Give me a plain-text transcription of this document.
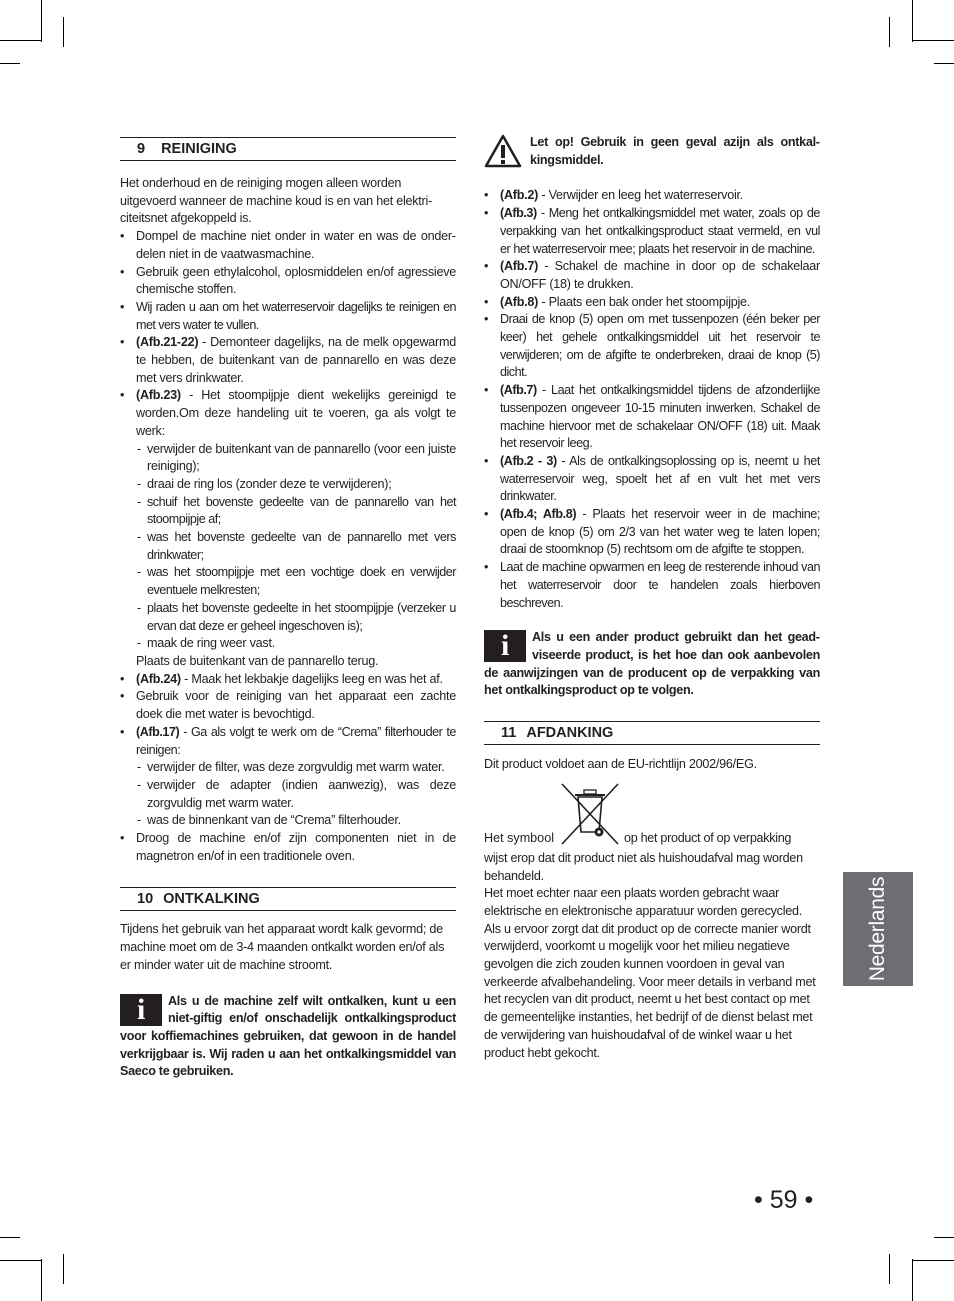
9 REINIGING

Het onderhoud en de reiniging mogen alleen worden uitgevoerd wanneer de machine koud is en van het elektriciteitsnet afgekoppeld is.

• Dompel de machine niet onder in water en was de onderdelen niet in de vaatwasmachine.
• Gebruik geen ethylalcohol, oplosmiddelen en/of agressieve chemische stoffen.
• Wij raden u aan om het waterreservoir dagelijks te reinigen en met vers water te vullen.
• (Afb.21-22) - Demonteer dagelijks, na de melk opgewarmd te hebben, de buitenkant van de pannarello en was deze met vers drinkwater.
• (Afb.23) - Het stoompijpje dient wekelijks gereinigd te worden.Om deze handeling uit te voeren, ga als volgt te werk:
- verwijder de buitenkant van de pannarello (voor een juiste reiniging);
- draai de ring los (zonder deze te verwijderen);
- schuif het bovenste gedeelte van de pannarello van het stoompijpje af;
- was het bovenste gedeelte van de pannarello met vers drinkwater;
- was het stoompijpje met een vochtige doek en verwijder eventuele melkresten;
- plaats het bovenste gedeelte in het stoompijpje (verzeker u ervan dat deze er geheel ingeschoven is);
- maak de ring weer vast.
Plaats de buitenkant van de pannarello terug.
• (Afb.24) - Maak het lekbakje dagelijks leeg en was het af.
• Gebruik voor de reiniging van het apparaat een zachte doek die met water is bevochtigd.
• (Afb.17) - Ga als volgt te werk om de “Crema” filterhouder te reinigen:
- verwijder de filter, was deze zorgvuldig met warm water.
- verwijder de adapter (indien aanwezig), was deze zorgvuldig met warm water.
- was de binnenkant van de “Crema” filterhouder.
• Droog de machine en/of zijn componenten niet in de magnetron en/of in een traditionele oven.
10 ONTKALKING

Tijdens het gebruik van het apparaat wordt kalk gevormd; de machine moet om de 3-4 maanden ontkalkt worden en/of als er minder water uit de machine stroomt.

i	Als u de machine zelf wilt ontkalken, kunt u een niet-giftig en/of onschadelijk ontkalkingsproduct voor koffiemachines gebruiken, dat gewoon in de handel verkrijgbaar is. Wij raden u aan het ontkalkingsmiddel van Saeco te gebruiken.
Let op! Gebruik in geen geval azijn als ontkalkingsmiddel.
• (Afb.2) - Verwijder en leeg het waterreservoir.
• (Afb.3) - Meng het ontkalkingsmiddel met water, zoals op de verpakking van het ontkalkingsproduct staat vermeld, en vul er het waterreservoir mee; plaats het reservoir in de machine.
• (Afb.7) - Schakel de machine in door op de schakelaar ON/OFF (18) te drukken.
• (Afb.8) - Plaats een bak onder het stoompijpje.
• Draai de knop (5) open om met tussenpozen (één beker per keer) het gehele ontkalkingsmiddel uit het reservoir te verwijderen; om de afgifte te onderbreken, draai de knop (5) dicht.
• (Afb.7) - Laat het ontkalkingsmiddel tijdens de afzonderlijke tussenpozen ongeveer 10-15 minuten inwerken. Schakel de machine hiervoor met de schakelaar ON/OFF (18) uit. Maak het reservoir leeg.
• (Afb.2 - 3) - Als de ontkalkingsoplossing op is, neemt u het waterreservoir weg, spoelt het af en vult het met vers drinkwater.
• (Afb.4; Afb.8) - Plaats het reservoir weer in de machine; open de knop (5) om 2/3 van het water weg te laten lopen; draai de stoomknop (5) rechtsom om de afgifte te stoppen.
• Laat de machine opwarmen en leeg de resterende inhoud van het waterreservoir door te handelen zoals hierboven beschreven.
i	Als u een ander product gebruikt dan het geadviseerde product, is het hoe dan ook aanbevolen de aanwijzingen van de producent op de verpakking van het ontkalkingsproduct op te volgen.
11 AFDANKING

Dit product voldoet aan de EU-richtlijn 2002/96/EG.

Het symbool	op het product of op verpakking

wijst erop dat dit product niet als huishoudafval mag worden behandeld.

Het moet echter naar een plaats worden gebracht waar elektrische en elektronische apparatuur worden gerecycled.

Als u ervoor zorgt dat dit product op de correcte manier wordt verwijderd, voorkomt u mogelijk voor het milieu negatieve gevolgen die zich zouden kunnen voordoen in geval van verkeerde afvalbehandeling. Voor meer details in verband met het recyclen van dit product, neemt u het best contact op met de gemeentelijke instanties, het bedrijf of de dienst belast met de verwijdering van huishoudafval of de winkel waar u het product hebt gekocht.

Nederlands
• 59 •
